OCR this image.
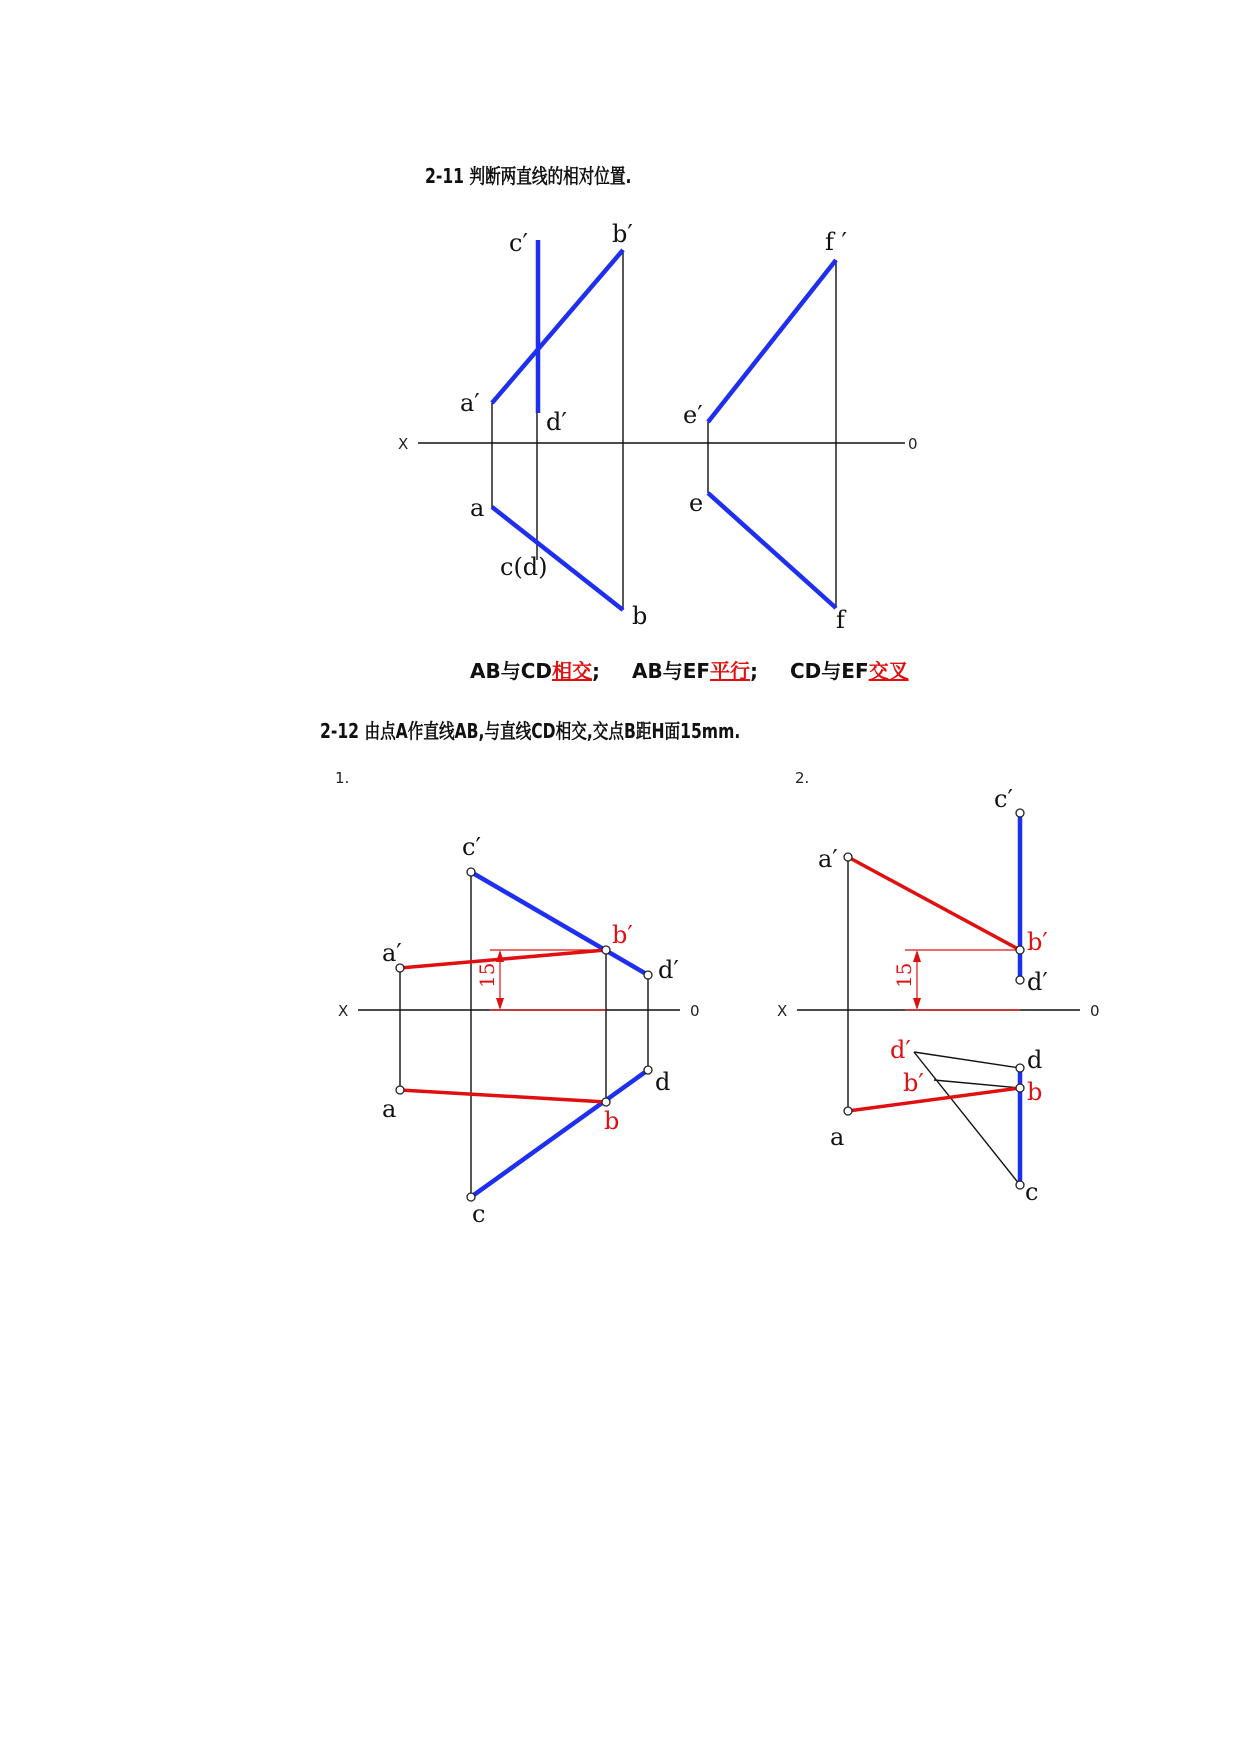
2-11 判断两直线的相对位置.

2-12 由点A作直线AB,与直线CD相交,交点B距H面15mm.

X	0
c′	b′	f ′
a′
d′	e′
a	e
c(d)
b	f
AB与CD相交; AB与EF平行; CD与EF交叉
1.
X	0
15
c′
b′
a′
d′
a	b
d
c
2.
X	0
15
c′
a′
b′
d′
d′
b′
d
b
a
c
